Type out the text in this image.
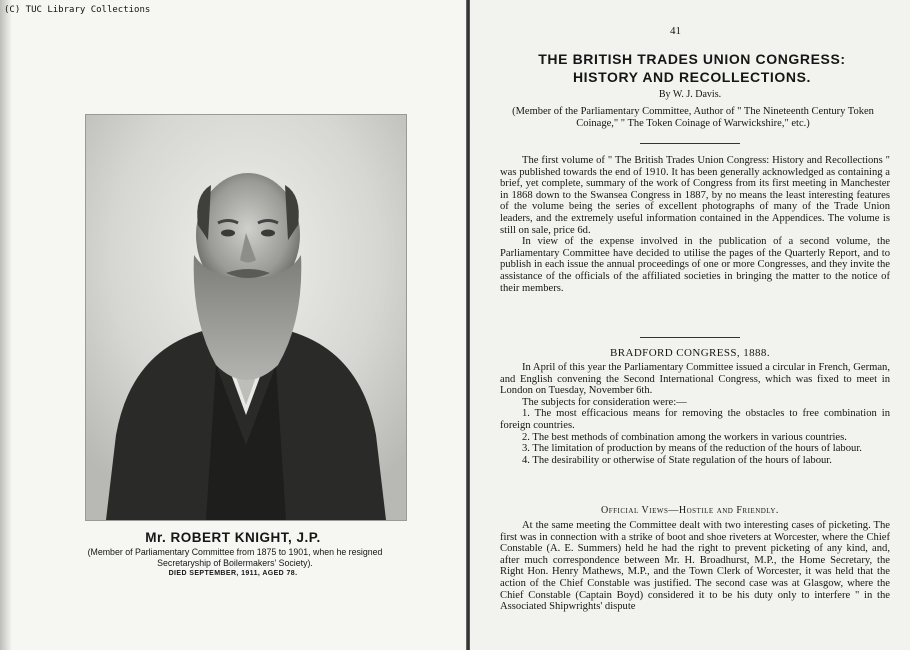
(C) TUC Library Collections
Mr. ROBERT KNIGHT, J.P.
(Member of Parliamentary Committee from 1875 to 1901, when he resigned Secretaryship of Boilermakers' Society).
DIED SEPTEMBER, 1911, AGED 78.
41
THE BRITISH TRADES UNION CONGRESS:
HISTORY AND RECOLLECTIONS.
By W. J. Davis.
(Member of the Parliamentary Committee, Author of " The Nineteenth Century Token Coinage," " The Token Coinage of Warwickshire," etc.)

The first volume of " The British Trades Union Congress: History and Recollections " was published towards the end of 1910. It has been generally acknowledged as containing a brief, yet complete, summary of the work of Congress from its first meeting in Manchester in 1868 down to the Swansea Congress in 1887, by no means the least interesting features of the volume being the series of excellent photographs of many of the Trade Union leaders, and the extremely useful information contained in the Appendices. The volume is still on sale, price 6d.

In view of the expense involved in the publication of a second volume, the Parliamentary Committee have decided to utilise the pages of the Quarterly Report, and to publish in each issue the annual proceedings of one or more Congresses, and they invite the assistance of the officials of the affiliated societies in bringing the matter to the notice of their members.

BRADFORD CONGRESS, 1888.

In April of this year the Parliamentary Committee issued a circular in French, German, and English convening the Second International Congress, which was fixed to meet in London on Tuesday, November 6th.

The subjects for consideration were:—

1. The most efficacious means for removing the obstacles to free combination in foreign countries.

2. The best methods of combination among the workers in various countries.

3. The limitation of production by means of the reduction of the hours of labour.

4. The desirability or otherwise of State regulation of the hours of labour.

Official Views—Hostile and Friendly.

At the same meeting the Committee dealt with two interesting cases of picketing. The first was in connection with a strike of boot and shoe riveters at Worcester, where the Chief Constable (A. E. Summers) held he had the right to prevent picketing of any kind, and, after much correspondence between Mr. H. Broadhurst, M.P., the Home Secretary, the Right Hon. Henry Mathews, M.P., and the Town Clerk of Worcester, it was held that the action of the Chief Constable was justified. The second case was at Glasgow, where the Chief Constable (Captain Boyd) considered it to be his duty only to interfere " in the Associated Shipwrights' dispute
